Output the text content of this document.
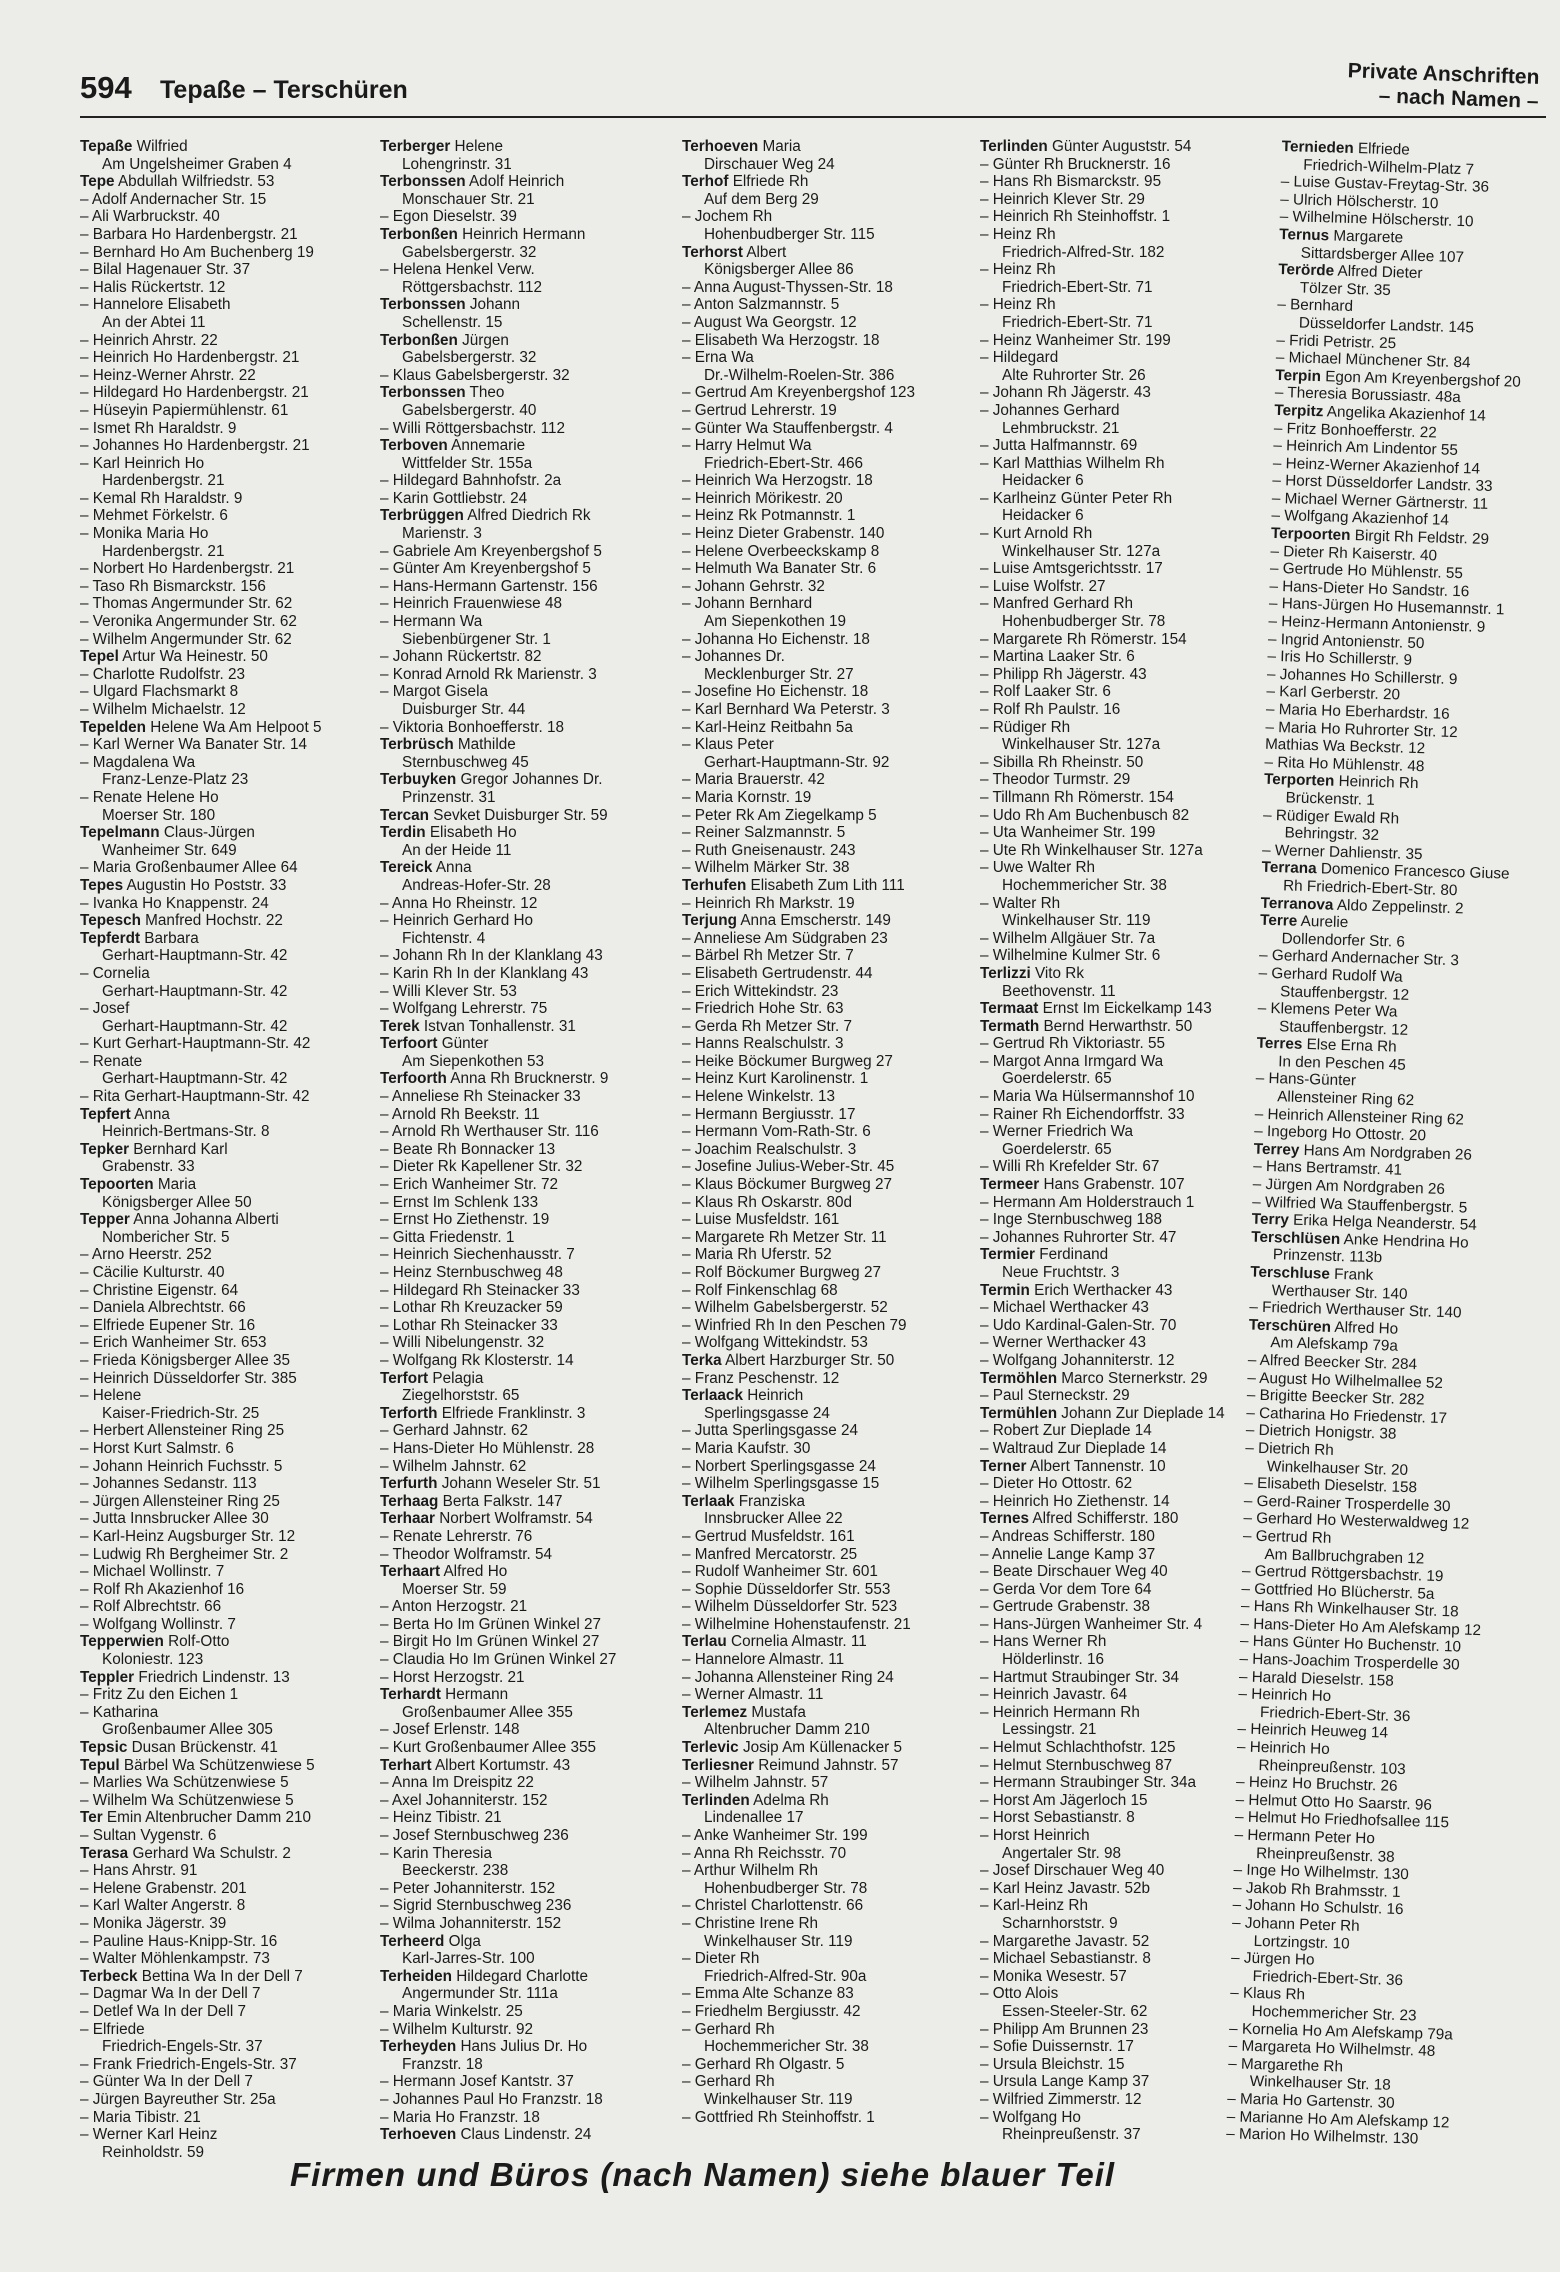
594 Tepaße – Terschüren
Private Anschriften
– nach Namen –
Tepaße Wilfried
Am Ungelsheimer Graben 4
Tepe Abdullah Wilfriedstr. 53
– Adolf Andernacher Str. 15
– Ali Warbruckstr. 40
– Barbara Ho Hardenbergstr. 21
– Bernhard Ho Am Buchenberg 19
– Bilal Hagenauer Str. 37
– Halis Rückertstr. 12
– Hannelore Elisabeth
An der Abtei 11
– Heinrich Ahrstr. 22
– Heinrich Ho Hardenbergstr. 21
– Heinz-Werner Ahrstr. 22
– Hildegard Ho Hardenbergstr. 21
– Hüseyin Papiermühlenstr. 61
– Ismet Rh Haraldstr. 9
– Johannes Ho Hardenbergstr. 21
– Karl Heinrich Ho
Hardenbergstr. 21
– Kemal Rh Haraldstr. 9
– Mehmet Förkelstr. 6
– Monika Maria Ho
Hardenbergstr. 21
– Norbert Ho Hardenbergstr. 21
– Taso Rh Bismarckstr. 156
– Thomas Angermunder Str. 62
– Veronika Angermunder Str. 62
– Wilhelm Angermunder Str. 62
Tepel Artur Wa Heinestr. 50
– Charlotte Rudolfstr. 23
– Ulgard Flachsmarkt 8
– Wilhelm Michaelstr. 12
Tepelden Helene Wa Am Helpoot 5
– Karl Werner Wa Banater Str. 14
– Magdalena Wa
Franz-Lenze-Platz 23
– Renate Helene Ho
Moerser Str. 180
Tepelmann Claus-Jürgen
Wanheimer Str. 649
– Maria Großenbaumer Allee 64
Tepes Augustin Ho Poststr. 33
– Ivanka Ho Knappenstr. 24
Tepesch Manfred Hochstr. 22
Tepferdt Barbara
Gerhart-Hauptmann-Str. 42
– Cornelia
Gerhart-Hauptmann-Str. 42
– Josef
Gerhart-Hauptmann-Str. 42
– Kurt Gerhart-Hauptmann-Str. 42
– Renate
Gerhart-Hauptmann-Str. 42
– Rita Gerhart-Hauptmann-Str. 42
Tepfert Anna
Heinrich-Bertmans-Str. 8
Tepker Bernhard Karl
Grabenstr. 33
Tepoorten Maria
Königsberger Allee 50
Tepper Anna Johanna Alberti
Nombericher Str. 5
– Arno Heerstr. 252
– Cäcilie Kulturstr. 40
– Christine Eigenstr. 64
– Daniela Albrechtstr. 66
– Elfriede Eupener Str. 16
– Erich Wanheimer Str. 653
– Frieda Königsberger Allee 35
– Heinrich Düsseldorfer Str. 385
– Helene
Kaiser-Friedrich-Str. 25
– Herbert Allensteiner Ring 25
– Horst Kurt Salmstr. 6
– Johann Heinrich Fuchsstr. 5
– Johannes Sedanstr. 113
– Jürgen Allensteiner Ring 25
– Jutta Innsbrucker Allee 30
– Karl-Heinz Augsburger Str. 12
– Ludwig Rh Bergheimer Str. 2
– Michael Wollinstr. 7
– Rolf Rh Akazienhof 16
– Rolf Albrechtstr. 66
– Wolfgang Wollinstr. 7
Tepperwien Rolf-Otto
Koloniestr. 123
Teppler Friedrich Lindenstr. 13
– Fritz Zu den Eichen 1
– Katharina
Großenbaumer Allee 305
Tepsic Dusan Brückenstr. 41
Tepul Bärbel Wa Schützenwiese 5
– Marlies Wa Schützenwiese 5
– Wilhelm Wa Schützenwiese 5
Ter Emin Altenbrucher Damm 210
– Sultan Vygenstr. 6
Terasa Gerhard Wa Schulstr. 2
– Hans Ahrstr. 91
– Helene Grabenstr. 201
– Karl Walter Angerstr. 8
– Monika Jägerstr. 39
– Pauline Haus-Knipp-Str. 16
– Walter Möhlenkampstr. 73
Terbeck Bettina Wa In der Dell 7
– Dagmar Wa In der Dell 7
– Detlef Wa In der Dell 7
– Elfriede
Friedrich-Engels-Str. 37
– Frank Friedrich-Engels-Str. 37
– Günter Wa In der Dell 7
– Jürgen Bayreuther Str. 25a
– Maria Tibistr. 21
– Werner Karl Heinz
Reinholdstr. 59
Terberger Helene
Lohengrinstr. 31
Terbonssen Adolf Heinrich
Monschauer Str. 21
– Egon Dieselstr. 39
Terbonßen Heinrich Hermann
Gabelsbergerstr. 32
– Helena Henkel Verw.
Röttgersbachstr. 112
Terbonssen Johann
Schellenstr. 15
Terbonßen Jürgen
Gabelsbergerstr. 32
– Klaus Gabelsbergerstr. 32
Terbonssen Theo
Gabelsbergerstr. 40
– Willi Röttgersbachstr. 112
Terboven Annemarie
Wittfelder Str. 155a
– Hildegard Bahnhofstr. 2a
– Karin Gottliebstr. 24
Terbrüggen Alfred Diedrich Rk
Marienstr. 3
– Gabriele Am Kreyenbergshof 5
– Günter Am Kreyenbergshof 5
– Hans-Hermann Gartenstr. 156
– Heinrich Frauenwiese 48
– Hermann Wa
Siebenbürgener Str. 1
– Johann Rückertstr. 82
– Konrad Arnold Rk Marienstr. 3
– Margot Gisela
Duisburger Str. 44
– Viktoria Bonhoefferstr. 18
Terbrüsch Mathilde
Sternbuschweg 45
Terbuyken Gregor Johannes Dr.
Prinzenstr. 31
Tercan Sevket Duisburger Str. 59
Terdin Elisabeth Ho
An der Heide 11
Tereick Anna
Andreas-Hofer-Str. 28
– Anna Ho Rheinstr. 12
– Heinrich Gerhard Ho
Fichtenstr. 4
– Johann Rh In der Klanklang 43
– Karin Rh In der Klanklang 43
– Willi Klever Str. 53
– Wolfgang Lehrerstr. 75
Terek Istvan Tonhallenstr. 31
Terfoort Günter
Am Siepenkothen 53
Terfoorth Anna Rh Brucknerstr. 9
– Anneliese Rh Steinacker 33
– Arnold Rh Beekstr. 11
– Arnold Rh Werthauser Str. 116
– Beate Rh Bonnacker 13
– Dieter Rk Kapellener Str. 32
– Erich Wanheimer Str. 72
– Ernst Im Schlenk 133
– Ernst Ho Ziethenstr. 19
– Gitta Friedenstr. 1
– Heinrich Siechenhausstr. 7
– Heinz Sternbuschweg 48
– Hildegard Rh Steinacker 33
– Lothar Rh Kreuzacker 59
– Lothar Rh Steinacker 33
– Willi Nibelungenstr. 32
– Wolfgang Rk Klosterstr. 14
Terfort Pelagia
Ziegelhorststr. 65
Terforth Elfriede Franklinstr. 3
– Gerhard Jahnstr. 62
– Hans-Dieter Ho Mühlenstr. 28
– Wilhelm Jahnstr. 62
Terfurth Johann Weseler Str. 51
Terhaag Berta Falkstr. 147
Terhaar Norbert Wolframstr. 54
– Renate Lehrerstr. 76
– Theodor Wolframstr. 54
Terhaart Alfred Ho
Moerser Str. 59
– Anton Herzogstr. 21
– Berta Ho Im Grünen Winkel 27
– Birgit Ho Im Grünen Winkel 27
– Claudia Ho Im Grünen Winkel 27
– Horst Herzogstr. 21
Terhardt Hermann
Großenbaumer Allee 355
– Josef Erlenstr. 148
– Kurt Großenbaumer Allee 355
Terhart Albert Kortumstr. 43
– Anna Im Dreispitz 22
– Axel Johanniterstr. 152
– Heinz Tibistr. 21
– Josef Sternbuschweg 236
– Karin Theresia
Beeckerstr. 238
– Peter Johanniterstr. 152
– Sigrid Sternbuschweg 236
– Wilma Johanniterstr. 152
Terheerd Olga
Karl-Jarres-Str. 100
Terheiden Hildegard Charlotte
Angermunder Str. 111a
– Maria Winkelstr. 25
– Wilhelm Kulturstr. 92
Terheyden Hans Julius Dr. Ho
Franzstr. 18
– Hermann Josef Kantstr. 37
– Johannes Paul Ho Franzstr. 18
– Maria Ho Franzstr. 18
Terhoeven Claus Lindenstr. 24
Terhoeven Maria
Dirschauer Weg 24
Terhof Elfriede Rh
Auf dem Berg 29
– Jochem Rh
Hohenbudberger Str. 115
Terhorst Albert
Königsberger Allee 86
– Anna August-Thyssen-Str. 18
– Anton Salzmannstr. 5
– August Wa Georgstr. 12
– Elisabeth Wa Herzogstr. 18
– Erna Wa
Dr.-Wilhelm-Roelen-Str. 386
– Gertrud Am Kreyenbergshof 123
– Gertrud Lehrerstr. 19
– Günter Wa Stauffenbergstr. 4
– Harry Helmut Wa
Friedrich-Ebert-Str. 466
– Heinrich Wa Herzogstr. 18
– Heinrich Mörikestr. 20
– Heinz Rk Potmannstr. 1
– Heinz Dieter Grabenstr. 140
– Helene Overbeeckskamp 8
– Helmuth Wa Banater Str. 6
– Johann Gehrstr. 32
– Johann Bernhard
Am Siepenkothen 19
– Johanna Ho Eichenstr. 18
– Johannes Dr.
Mecklenburger Str. 27
– Josefine Ho Eichenstr. 18
– Karl Bernhard Wa Peterstr. 3
– Karl-Heinz Reitbahn 5a
– Klaus Peter
Gerhart-Hauptmann-Str. 92
– Maria Brauerstr. 42
– Maria Kornstr. 19
– Peter Rk Am Ziegelkamp 5
– Reiner Salzmannstr. 5
– Ruth Gneisenaustr. 243
– Wilhelm Märker Str. 38
Terhufen Elisabeth Zum Lith 111
– Heinrich Rh Markstr. 19
Terjung Anna Emscherstr. 149
– Anneliese Am Südgraben 23
– Bärbel Rh Metzer Str. 7
– Elisabeth Gertrudenstr. 44
– Erich Wittekindstr. 23
– Friedrich Hohe Str. 63
– Gerda Rh Metzer Str. 7
– Hanns Realschulstr. 3
– Heike Böckumer Burgweg 27
– Heinz Kurt Karolinenstr. 1
– Helene Winkelstr. 13
– Hermann Bergiusstr. 17
– Hermann Vom-Rath-Str. 6
– Joachim Realschulstr. 3
– Josefine Julius-Weber-Str. 45
– Klaus Böckumer Burgweg 27
– Klaus Rh Oskarstr. 80d
– Luise Musfeldstr. 161
– Margarete Rh Metzer Str. 11
– Maria Rh Uferstr. 52
– Rolf Böckumer Burgweg 27
– Rolf Finkenschlag 68
– Wilhelm Gabelsbergerstr. 52
– Winfried Rh In den Peschen 79
– Wolfgang Wittekindstr. 53
Terka Albert Harzburger Str. 50
– Franz Peschenstr. 12
Terlaack Heinrich
Sperlingsgasse 24
– Jutta Sperlingsgasse 24
– Maria Kaufstr. 30
– Norbert Sperlingsgasse 24
– Wilhelm Sperlingsgasse 15
Terlaak Franziska
Innsbrucker Allee 22
– Gertrud Musfeldstr. 161
– Manfred Mercatorstr. 25
– Rudolf Wanheimer Str. 601
– Sophie Düsseldorfer Str. 553
– Wilhelm Düsseldorfer Str. 523
– Wilhelmine Hohenstaufenstr. 21
Terlau Cornelia Almastr. 11
– Hannelore Almastr. 11
– Johanna Allensteiner Ring 24
– Werner Almastr. 11
Terlemez Mustafa
Altenbrucher Damm 210
Terlevic Josip Am Küllenacker 5
Terliesner Reimund Jahnstr. 57
– Wilhelm Jahnstr. 57
Terlinden Adelma Rh
Lindenallee 17
– Anke Wanheimer Str. 199
– Anna Rh Reichsstr. 70
– Arthur Wilhelm Rh
Hohenbudberger Str. 78
– Christel Charlottenstr. 66
– Christine Irene Rh
Winkelhauser Str. 119
– Dieter Rh
Friedrich-Alfred-Str. 90a
– Emma Alte Schanze 83
– Friedhelm Bergiusstr. 42
– Gerhard Rh
Hochemmericher Str. 38
– Gerhard Rh Olgastr. 5
– Gerhard Rh
Winkelhauser Str. 119
– Gottfried Rh Steinhoffstr. 1
Terlinden Günter Auguststr. 54
– Günter Rh Brucknerstr. 16
– Hans Rh Bismarckstr. 95
– Heinrich Klever Str. 29
– Heinrich Rh Steinhoffstr. 1
– Heinz Rh
Friedrich-Alfred-Str. 182
– Heinz Rh
Friedrich-Ebert-Str. 71
– Heinz Rh
Friedrich-Ebert-Str. 71
– Heinz Wanheimer Str. 199
– Hildegard
Alte Ruhrorter Str. 26
– Johann Rh Jägerstr. 43
– Johannes Gerhard
Lehmbruckstr. 21
– Jutta Halfmannstr. 69
– Karl Matthias Wilhelm Rh
Heidacker 6
– Karlheinz Günter Peter Rh
Heidacker 6
– Kurt Arnold Rh
Winkelhauser Str. 127a
– Luise Amtsgerichtsstr. 17
– Luise Wolfstr. 27
– Manfred Gerhard Rh
Hohenbudberger Str. 78
– Margarete Rh Römerstr. 154
– Martina Laaker Str. 6
– Philipp Rh Jägerstr. 43
– Rolf Laaker Str. 6
– Rolf Rh Paulstr. 16
– Rüdiger Rh
Winkelhauser Str. 127a
– Sibilla Rh Rheinstr. 50
– Theodor Turmstr. 29
– Tillmann Rh Römerstr. 154
– Udo Rh Am Buchenbusch 82
– Uta Wanheimer Str. 199
– Ute Rh Winkelhauser Str. 127a
– Uwe Walter Rh
Hochemmericher Str. 38
– Walter Rh
Winkelhauser Str. 119
– Wilhelm Allgäuer Str. 7a
– Wilhelmine Kulmer Str. 6
Terlizzi Vito Rk
Beethovenstr. 11
Termaat Ernst Im Eickelkamp 143
Termath Bernd Herwarthstr. 50
– Gertrud Rh Viktoriastr. 55
– Margot Anna Irmgard Wa
Goerdelerstr. 65
– Maria Wa Hülsermannshof 10
– Rainer Rh Eichendorffstr. 33
– Werner Friedrich Wa
Goerdelerstr. 65
– Willi Rh Krefelder Str. 67
Termeer Hans Grabenstr. 107
– Hermann Am Holderstrauch 1
– Inge Sternbuschweg 188
– Johannes Ruhrorter Str. 47
Termier Ferdinand
Neue Fruchtstr. 3
Termin Erich Werthacker 43
– Michael Werthacker 43
– Udo Kardinal-Galen-Str. 70
– Werner Werthacker 43
– Wolfgang Johanniterstr. 12
Termöhlen Marco Sternerkstr. 29
– Paul Sterneckstr. 29
Termühlen Johann Zur Diepladе 14
– Robert Zur Dieplade 14
– Waltraud Zur Dieplade 14
Terner Albert Tannenstr. 10
– Dieter Ho Ottostr. 62
– Heinrich Ho Ziethenstr. 14
Ternes Alfred Schifferstr. 180
– Andreas Schifferstr. 180
– Annelie Lange Kamp 37
– Beate Dirschauer Weg 40
– Gerda Vor dem Tore 64
– Gertrude Grabenstr. 38
– Hans-Jürgen Wanheimer Str. 4
– Hans Werner Rh
Hölderlinstr. 16
– Hartmut Straubinger Str. 34
– Heinrich Javastr. 64
– Heinrich Hermann Rh
Lessingstr. 21
– Helmut Schlachthofstr. 125
– Helmut Sternbuschweg 87
– Hermann Straubinger Str. 34a
– Horst Am Jägerloch 15
– Horst Sebastianstr. 8
– Horst Heinrich
Angertaler Str. 98
– Josef Dirschauer Weg 40
– Karl Heinz Javastr. 52b
– Karl-Heinz Rh
Scharnhorststr. 9
– Margarethe Javastr. 52
– Michael Sebastianstr. 8
– Monika Wesestr. 57
– Otto Alois
Essen-Steeler-Str. 62
– Philipp Am Brunnen 23
– Sofie Duissernstr. 17
– Ursula Bleichstr. 15
– Ursula Lange Kamp 37
– Wilfried Zimmerstr. 12
– Wolfgang Ho
Rheinpreußenstr. 37
Ternieden Elfriede
Friedrich-Wilhelm-Platz 7
– Luise Gustav-Freytag-Str. 36
– Ulrich Hölscherstr. 10
– Wilhelmine Hölscherstr. 10
Ternus Margarete
Sittardsberger Allee 107
Terörde Alfred Dieter
Tölzer Str. 35
– Bernhard
Düsseldorfer Landstr. 145
– Fridi Petristr. 25
– Michael Münchener Str. 84
Terpin Egon Am Kreyenbergshof 20
– Theresia Borussiastr. 48a
Terpitz Angelika Akazienhof 14
– Fritz Bonhoefferstr. 22
– Heinrich Am Lindentor 55
– Heinz-Werner Akazienhof 14
– Horst Düsseldorfer Landstr. 33
– Michael Werner Gärtnerstr. 11
– Wolfgang Akazienhof 14
Terpoorten Birgit Rh Feldstr. 29
– Dieter Rh Kaiserstr. 40
– Gertrude Ho Mühlenstr. 55
– Hans-Dieter Ho Sandstr. 16
– Hans-Jürgen Ho Husemannstr. 1
– Heinz-Hermann Antonienstr. 9
– Ingrid Antonienstr. 50
– Iris Ho Schillerstr. 9
– Johannes Ho Schillerstr. 9
– Karl Gerberstr. 20
– Maria Ho Eberhardstr. 16
– Maria Ho Ruhrorter Str. 12
Mathias Wa Beckstr. 12
– Rita Ho Mühlenstr. 48
Terporten Heinrich Rh
Brückenstr. 1
– Rüdiger Ewald Rh
Behringstr. 32
– Werner Dahlienstr. 35
Terrana Domenico Francesco Giuse
Rh Friedrich-Ebert-Str. 80
Terranova Aldo Zeppelinstr. 2
Terre Aurelie
Dollendorfer Str. 6
– Gerhard Andernacher Str. 3
– Gerhard Rudolf Wa
Stauffenbergstr. 12
– Klemens Peter Wa
Stauffenbergstr. 12
Terres Else Erna Rh
In den Peschen 45
– Hans-Günter
Allensteiner Ring 62
– Heinrich Allensteiner Ring 62
– Ingeborg Ho Ottostr. 20
Terrey Hans Am Nordgraben 26
– Hans Bertramstr. 41
– Jürgen Am Nordgraben 26
– Wilfried Wa Stauffenbergstr. 5
Terry Erika Helga Neanderstr. 54
Terschlüsen Anke Hendrina Ho
Prinzenstr. 113b
Terschluse Frank
Werthauser Str. 140
– Friedrich Werthauser Str. 140
Terschüren Alfred Ho
Am Alefskamp 79a
– Alfred Beecker Str. 284
– August Ho Wilhelmallee 52
– Brigitte Beecker Str. 282
– Catharina Ho Friedenstr. 17
– Dietrich Honigstr. 38
– Dietrich Rh
Winkelhauser Str. 20
– Elisabeth Dieselstr. 158
– Gerd-Rainer Trosperdelle 30
– Gerhard Ho Westerwaldweg 12
– Gertrud Rh
Am Ballbruchgraben 12
– Gertrud Röttgersbachstr. 19
– Gottfried Ho Blücherstr. 5a
– Hans Rh Winkelhauser Str. 18
– Hans-Dieter Ho Am Alefskamp 12
– Hans Günter Ho Buchenstr. 10
– Hans-Joachim Trosperdelle 30
– Harald Dieselstr. 158
– Heinrich Ho
Friedrich-Ebert-Str. 36
– Heinrich Heuweg 14
– Heinrich Ho
Rheinpreußenstr. 103
– Heinz Ho Bruchstr. 26
– Helmut Otto Ho Saarstr. 96
– Helmut Ho Friedhofsallee 115
– Hermann Peter Ho
Rheinpreußenstr. 38
– Inge Ho Wilhelmstr. 130
– Jakob Rh Brahmsstr. 1
– Johann Ho Schulstr. 16
– Johann Peter Rh
Lortzingstr. 10
– Jürgen Ho
Friedrich-Ebert-Str. 36
– Klaus Rh
Hochemmericher Str. 23
– Kornelia Ho Am Alefskamp 79a
– Margareta Ho Wilhelmstr. 48
– Margarethe Rh
Winkelhauser Str. 18
– Maria Ho Gartenstr. 30
– Marianne Ho Am Alefskamp 12
– Marion Ho Wilhelmstr. 130
Firmen und Büros (nach Namen) siehe blauer Teil
